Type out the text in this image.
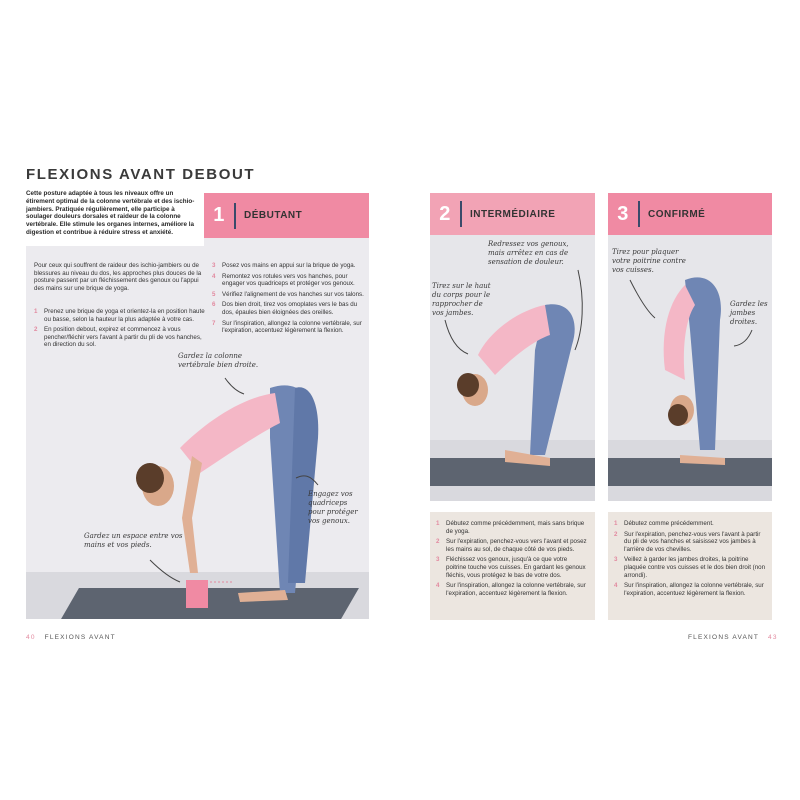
FLEXIONS AVANT DEBOUT
Cette posture adaptée à tous les niveaux offre un étirement optimal de la colonne vertébrale et des ischio-jambiers. Pratiquée régulièrement, elle participe à soulager douleurs dorsales et raideur de la colonne vertébrale. Elle stimule les organes internes, améliore la digestion et contribue à réduire stress et anxiété.
1	DÉBUTANT
Pour ceux qui souffrent de raideur des ischio-jambiers ou de blessures au niveau du dos, les approches plus douces de la posture passent par un fléchissement des genoux ou l'appui des mains sur une brique de yoga.
1	Prenez une brique de yoga et orientez-la en position haute ou basse, selon la hauteur la plus adaptée à votre cas.
2	En position debout, expirez et commencez à vous pencher/fléchir vers l'avant à partir du pli de vos hanches, en direction du sol.
3	Posez vos mains en appui sur la brique de yoga.
4	Remontez vos rotules vers vos hanches, pour engager vos quadriceps et protéger vos genoux.
5	Vérifiez l'alignement de vos hanches sur vos talons.
6	Dos bien droit, tirez vos omoplates vers le bas du dos, épaules bien éloignées des oreilles.
7	Sur l'inspiration, allongez la colonne vertébrale, sur l'expiration, accentuez légèrement la flexion.
Gardez la colonne vertébrale bien droite.
Engagez vos quadriceps pour protéger vos genoux.
Gardez un espace entre vos mains et vos pieds.
40 FLEXIONS AVANT
2	INTERMÉDIAIRE
Redressez vos genoux, mais arrêtez en cas de sensation de douleur.
Tirez sur le haut du corps pour le rapprocher de vos jambes.
1	Débutez comme précédemment, mais sans brique de yoga.
2	Sur l'expiration, penchez-vous vers l'avant et posez les mains au sol, de chaque côté de vos pieds.
3	Fléchissez vos genoux, jusqu'à ce que votre poitrine touche vos cuisses. En gardant les genoux fléchis, vous protégez le bas de votre dos.
4	Sur l'inspiration, allongez la colonne vertébrale, sur l'expiration, accentuez légèrement la flexion.
3	CONFIRMÉ
Tirez pour plaquer votre poitrine contre vos cuisses.
Gardez les jambes droites.
1	Débutez comme précédemment.
2	Sur l'expiration, penchez-vous vers l'avant à partir du pli de vos hanches et saisissez vos jambes à l'arrière de vos chevilles.
3	Veillez à garder les jambes droites, la poitrine plaquée contre vos cuisses et le dos bien droit (non arrondi).
4	Sur l'inspiration, allongez la colonne vertébrale, sur l'expiration, accentuez légèrement la flexion.
FLEXIONS AVANT 43
